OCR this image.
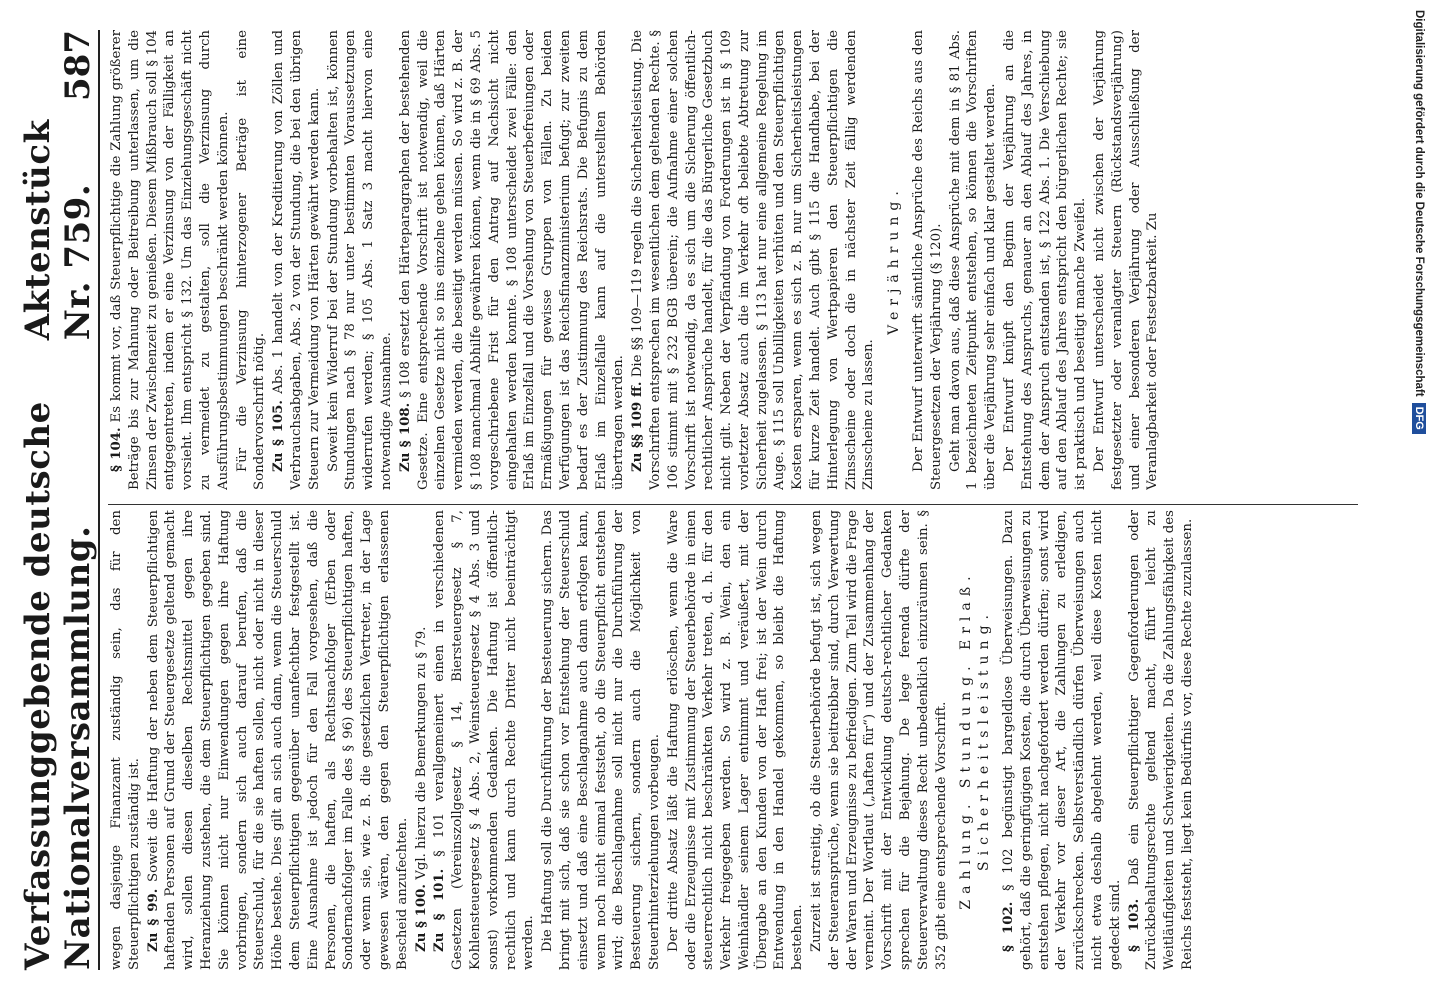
Verfassunggebende deutsche Nationalversammlung.
Aktenstück Nr. 759.
587

wegen dasjenige Finanzamt zuständig sein, das für den Steuerpflichtigen zuständig ist. Zu § 99. Soweit die Haftung der neben dem Steuerpflichtigen haftenden Personen auf Grund der Steuergesetze geltend gemacht wird, sollen diesen dieselben Rechtsmittel gegen ihre Heranziehung zustehen, die dem Steuerpflichtigen gegeben sind. Sie können nicht nur Einwendungen gegen ihre Haftung vorbringen, sondern sich auch darauf berufen, daß die Steuerschuld, für die sie haften sollen, nicht oder nicht in dieser Höhe bestehe. Dies gilt an sich auch dann, wenn die Steuerschuld dem Steuerpflichtigen gegenüber unanfechtbar festgestellt ist. Eine Ausnahme ist jedoch für den Fall vorgesehen, daß die Personen, die haften, als Rechtsnachfolger (Erben oder Sondernachfolger im Falle des § 96) des Steuerpflichtigen haften, oder wenn sie, wie z. B. die gesetzlichen Vertreter, in der Lage gewesen wären, den gegen den Steuerpflichtigen erlassenen Bescheid anzufechten. Zu § 100. Vgl. hierzu die Bemerkungen zu § 79.

Zu § 101. § 101 verallgemeinert einen in verschiedenen Gesetzen (Vereinszollgesetz § 14, Biersteuergesetz § 7, Kohlensteuergesetz § 4 Abs. 2, Weinsteuergesetz § 4 Abs. 3 und sonst) vorkommenden Gedanken. Die Haftung ist öffentlich-rechtlich und kann durch Rechte Dritter nicht beeinträchtigt werden. Die Haftung soll die Durchführung der Besteuerung sichern. Das bringt mit sich, daß sie schon vor Entstehung der Steuerschuld einsetzt und daß eine Beschlagnahme auch dann erfolgen kann, wenn noch nicht einmal feststeht, ob die Steuerpflicht entstehen wird; die Beschlagnahme soll nicht nur die Durchführung der Besteuerung sichern, sondern auch die Möglichkeit von Steuerhinterziehungen vorbeugen. Der dritte Absatz läßt die Haftung erlöschen, wenn die Ware oder die Erzeugnisse mit Zustimmung der Steuerbehörde in einen steuerrechtlich nicht beschränkten Verkehr treten, d. h. für den Verkehr freigegeben werden. So wird z. B. Wein, den ein Weinhändler seinem Lager entnimmt und veräußert, mit der Übergabe an den Kunden von der Haft frei; ist der Wein durch Entwendung in den Handel gekommen, so bleibt die Haftung bestehen. Zurzeit ist streitig, ob die Steuerbehörde befugt ist, sich wegen der Steueransprüche, wenn sie beitreibbar sind, durch Verwertung der Waren und Erzeugnisse zu befriedigen. Zum Teil wird die Frage verneint. Der Wortlaut („haften für“) und der Zusammenhang der Vorschrift mit der Entwicklung deutsch-rechtlicher Gedanken sprechen für die Bejahung. De lege ferenda dürfte der Steuerverwaltung dieses Recht unbedenklich einzuräumen sein. § 352 gibt eine entsprechende Vorschrift. Zahlung. Stundung. Erlaß. Sicherheitsleistung.

§ 102. § 102 begünstigt bargeldlose Überweisungen. Dazu gehört, daß die geringfügigen Kosten, die durch Überweisungen zu entstehen pflegen, nicht nachgefordert werden dürfen; sonst wird der Verkehr vor dieser Art, die Zahlungen zu erledigen, zurückschrecken. Selbstverständlich dürfen Überweisungen auch nicht etwa deshalb abgelehnt werden, weil diese Kosten nicht gedeckt sind. § 103. Daß ein Steuerpflichtiger Gegenforderungen oder Zurückbehaltungsrechte geltend macht, führt leicht zu Weitläufigkeiten und Schwierigkeiten. Da die Zahlungsfähigkeit des Reichs feststeht, liegt kein Bedürfnis vor, diese Rechte zuzulassen.

§ 104. Es kommt vor, daß Steuerpflichtige die Zahlung größerer Beträge bis zur Mahnung oder Beitreibung unterlassen, um die Zinsen der Zwischenzeit zu genießen. Diesem Mißbrauch soll § 104 entgegentreten, indem er eine Verzinsung von der Fälligkeit an vorsieht. Ihm entspricht § 132. Um das Einziehungsgeschäft nicht zu vermeidet zu gestalten, soll die Verzinsung durch Ausführungsbestimmungen beschränkt werden können. Für die Verzinsung hinterzogener Beträge ist eine Sondervorschrift nötig. Zu § 105. Abs. 1 handelt von der Kreditierung von Zöllen und Verbrauchsabgaben, Abs. 2 von der Stundung, die bei den übrigen Steuern zur Vermeidung von Härten gewährt werden kann. Soweit kein Widerruf bei der Stundung vorbehalten ist, können Stundungen nach § 78 nur unter bestimmten Voraussetzungen widerrufen werden; § 105 Abs. 1 Satz 3 macht hiervon eine notwendige Ausnahme. Zu § 108. § 108 ersetzt den Härteparagraphen der bestehenden Gesetze. Eine entsprechende Vorschrift ist notwendig, weil die einzelnen Gesetze nicht so ins einzelne gehen können, daß Härten vermieden werden, die beseitigt werden müssen. So wird z. B. der § 108 manchmal Abhilfe gewähren können, wenn die in § 69 Abs. 5 vorgeschriebene Frist für den Antrag auf Nachsicht nicht eingehalten werden konnte. § 108 unterscheidet zwei Fälle: den Erlaß im Einzelfall und die Vorsehung von Steuerbefreiungen oder Ermäßigungen für gewisse Gruppen von Fällen. Zu beiden Verfügungen ist das Reichsfinanzministerium befugt; zur zweiten bedarf es der Zustimmung des Reichsrats. Die Befugnis zu dem Erlaß im Einzelfalle kann auf die unterstellten Behörden übertragen werden. Zu §§ 109 ff. Die §§ 109—119 regeln die Sicherheitsleistung. Die Vorschriften entsprechen im wesentlichen dem geltenden Rechte. § 106 stimmt mit § 232 BGB überein; die Aufnahme einer solchen Vorschrift ist notwendig, da es sich um die Sicherung öffentlich-rechtlicher Ansprüche handelt, für die das Bürgerliche Gesetzbuch nicht gilt. Neben der Verpfändung von Forderungen ist in § 109 vorletzter Absatz auch die im Verkehr oft beliebte Abtretung zur Sicherheit zugelassen. § 113 hat nur eine allgemeine Regelung im Auge. § 115 soll Unbilligkeiten verhüten und den Steuerpflichtigen Kosten ersparen, wenn es sich z. B. nur um Sicherheitsleistungen für kurze Zeit handelt. Auch gibt § 115 die Handhabe, bei der Hinterlegung von Wertpapieren den Steuerpflichtigen die Zinsscheine oder doch die in nächster Zeit fällig werdenden Zinsscheine zu lassen.

Verjährung. Der Entwurf unterwirft sämtliche Ansprüche des Reichs aus den Steuergesetzen der Verjährung (§ 120). Geht man davon aus, daß diese Ansprüche mit dem in § 81 Abs. 1 bezeichneten Zeitpunkt entstehen, so können die Vorschriften über die Verjährung sehr einfach und klar gestaltet werden. Der Entwurf knüpft den Beginn der Verjährung an die Entstehung des Anspruchs, genauer an den Ablauf des Jahres, in dem der Anspruch entstanden ist, § 122 Abs. 1. Die Verschiebung auf den Ablauf des Jahres entspricht den bürgerlichen Rechte; sie ist praktisch und beseitigt manche Zweifel. Der Entwurf unterscheidet nicht zwischen der Verjährung festgesetzter oder veranlagter Steuern (Rückstandsverjährung) und einer besonderen Verjährung oder Ausschließung der Veranlagbarkeit oder Festsetzbarkeit. Zu	Digitalisierung gefördert durch die Deutsche Forschungsgemeinschaft
DFG
